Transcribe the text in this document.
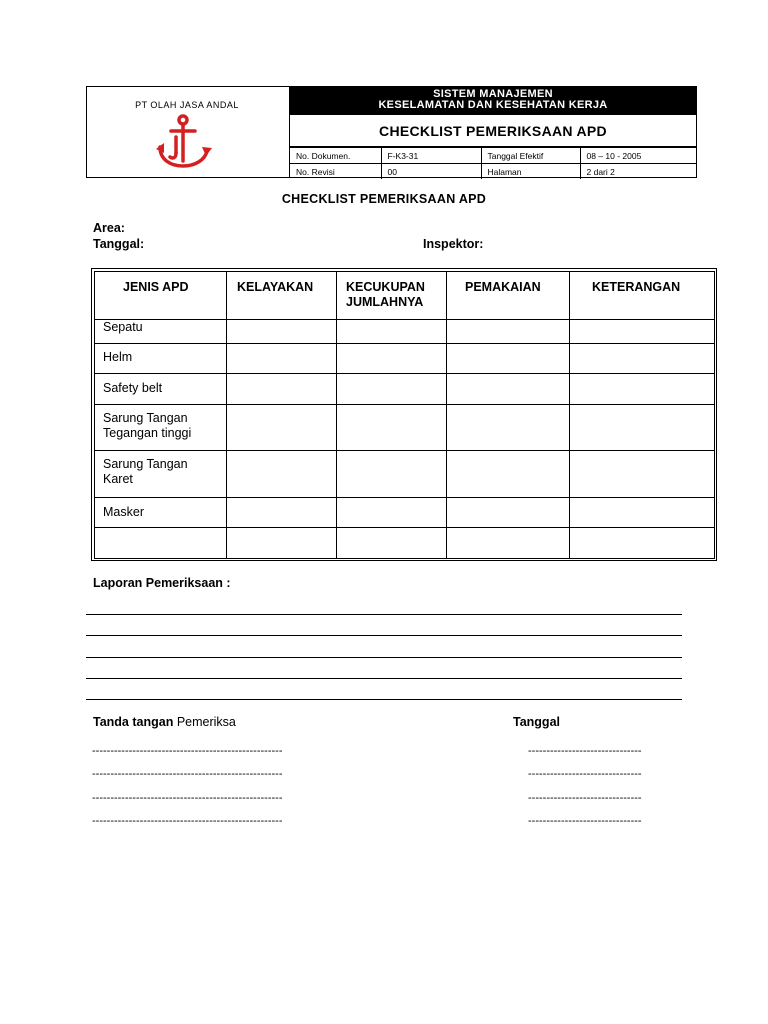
PT OLAH JASA ANDAL
SISTEM MANAJEMEN
KESELAMATAN DAN KESEHATAN KERJA
CHECKLIST PEMERIKSAAN APD
No. Dokumen.	F-K3-31	Tanggal Efektif	08 – 10 - 2005
No. Revisi	00	Halaman	2 dari 2
CHECKLIST PEMERIKSAAN APD
Area:
Tanggal:	Inspektor:
JENIS APD	KELAYAKAN	KECUKUPAN JUMLAHNYA	PEMAKAIAN	KETERANGAN
Sepatu				
Helm				
Safety belt				
Sarung Tangan Tegangan tinggi				
Sarung Tangan Karet				
Masker				

Laporan Pemeriksaan :
Tanda tangan Pemeriksa	Tanggal
----------------------------------------------------
----------------------------------------------------
----------------------------------------------------
----------------------------------------------------
-------------------------------
-------------------------------
-------------------------------
-------------------------------
